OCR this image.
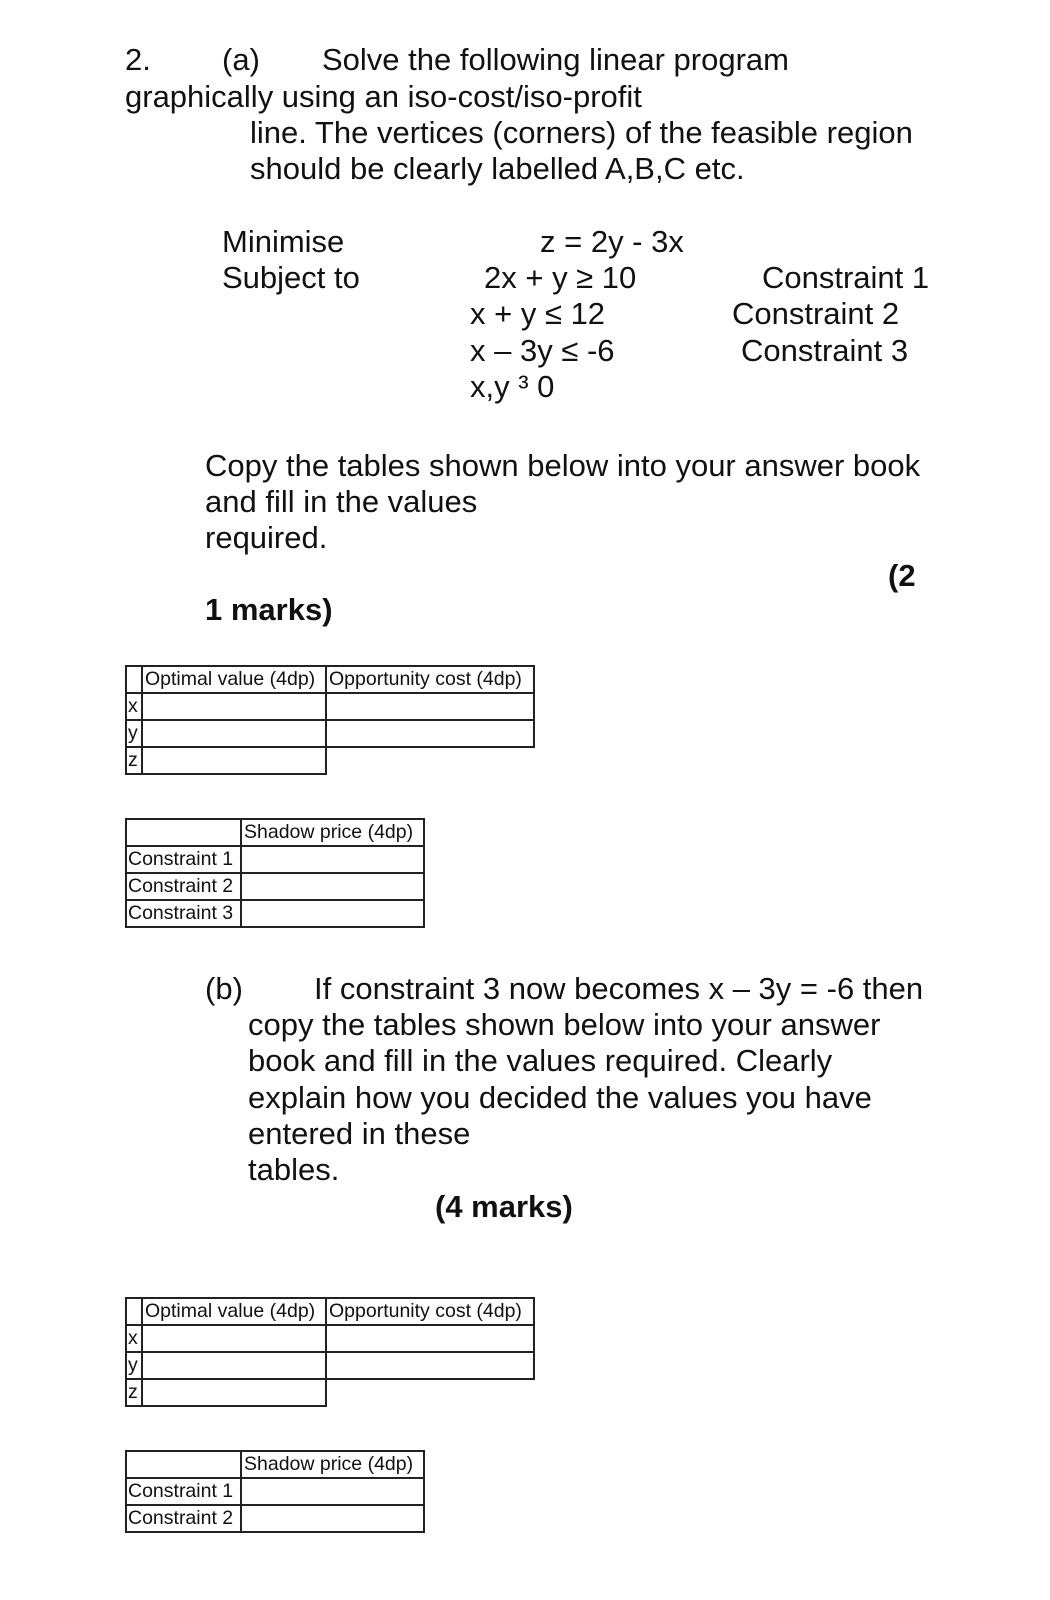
2. (a) Solve the following linear program
graphically using an iso-cost/iso-profit
line. The vertices (corners) of the feasible region
should be clearly labelled A,B,C etc.
Minimise	z = 2y - 3x
Subject to	2x + y ≥ 10	Constraint 1
x + y ≤ 12	Constraint 2
x – 3y ≤ -6	Constraint 3
x,y ³ 0
Copy the tables shown below into your answer book
and fill in the values
required.
(2
1 marks)
	Optimal value (4dp)	Opportunity cost (4dp)
x		
y		
z		
	Shadow price (4dp)
Constraint 1	
Constraint 2	
Constraint 3	
(b) If constraint 3 now becomes x – 3y = -6 then
copy the tables shown below into your answer
book and fill in the values required. Clearly
explain how you decided the values you have
entered in these
tables.
(4 marks)
	Optimal value (4dp)	Opportunity cost (4dp)
x		
y		
z		
	Shadow price (4dp)
Constraint 1	
Constraint 2	
